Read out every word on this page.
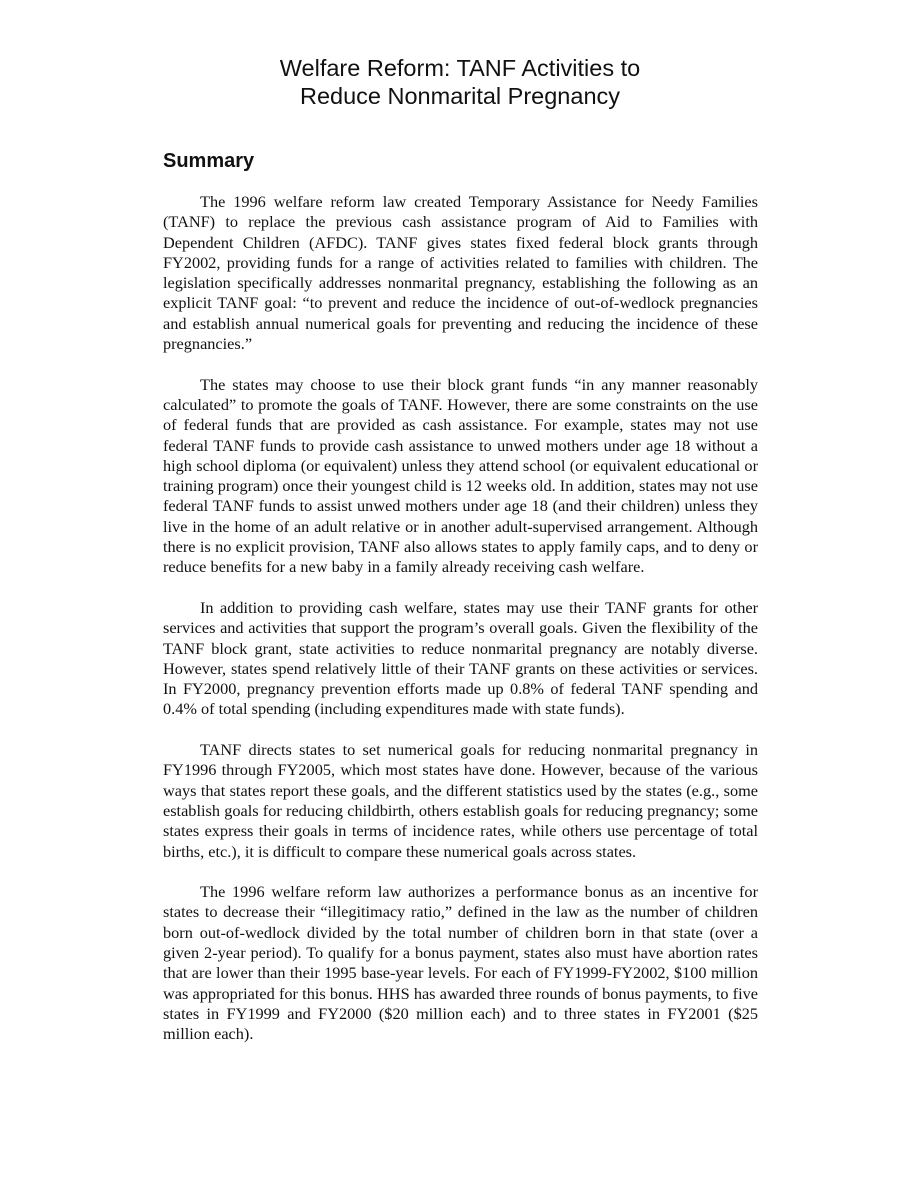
Welfare Reform: TANF Activities to
Reduce Nonmarital Pregnancy
Summary

The 1996 welfare reform law created Temporary Assistance for Needy Families (TANF) to replace the previous cash assistance program of Aid to Families with Dependent Children (AFDC). TANF gives states fixed federal block grants through FY2002, providing funds for a range of activities related to families with children. The legislation specifically addresses nonmarital pregnancy, establishing the following as an explicit TANF goal: “to prevent and reduce the incidence of out-of-wedlock pregnancies and establish annual numerical goals for preventing and reducing the incidence of these pregnancies.”

The states may choose to use their block grant funds “in any manner reasonably calculated” to promote the goals of TANF. However, there are some constraints on the use of federal funds that are provided as cash assistance. For example, states may not use federal TANF funds to provide cash assistance to unwed mothers under age 18 without a high school diploma (or equivalent) unless they attend school (or equivalent educational or training program) once their youngest child is 12 weeks old. In addition, states may not use federal TANF funds to assist unwed mothers under age 18 (and their children) unless they live in the home of an adult relative or in another adult-supervised arrangement. Although there is no explicit provision, TANF also allows states to apply family caps, and to deny or reduce benefits for a new baby in a family already receiving cash welfare.

In addition to providing cash welfare, states may use their TANF grants for other services and activities that support the program’s overall goals. Given the flexibility of the TANF block grant, state activities to reduce nonmarital pregnancy are notably diverse. However, states spend relatively little of their TANF grants on these activities or services. In FY2000, pregnancy prevention efforts made up 0.8% of federal TANF spending and 0.4% of total spending (including expenditures made with state funds).

TANF directs states to set numerical goals for reducing nonmarital pregnancy in FY1996 through FY2005, which most states have done. However, because of the various ways that states report these goals, and the different statistics used by the states (e.g., some establish goals for reducing childbirth, others establish goals for reducing pregnancy; some states express their goals in terms of incidence rates, while others use percentage of total births, etc.), it is difficult to compare these numerical goals across states.

The 1996 welfare reform law authorizes a performance bonus as an incentive for states to decrease their “illegitimacy ratio,” defined in the law as the number of children born out-of-wedlock divided by the total number of children born in that state (over a given 2-year period). To qualify for a bonus payment, states also must have abortion rates that are lower than their 1995 base-year levels. For each of FY1999-FY2002, $100 million was appropriated for this bonus. HHS has awarded three rounds of bonus payments, to five states in FY1999 and FY2000 ($20 million each) and to three states in FY2001 ($25 million each).
